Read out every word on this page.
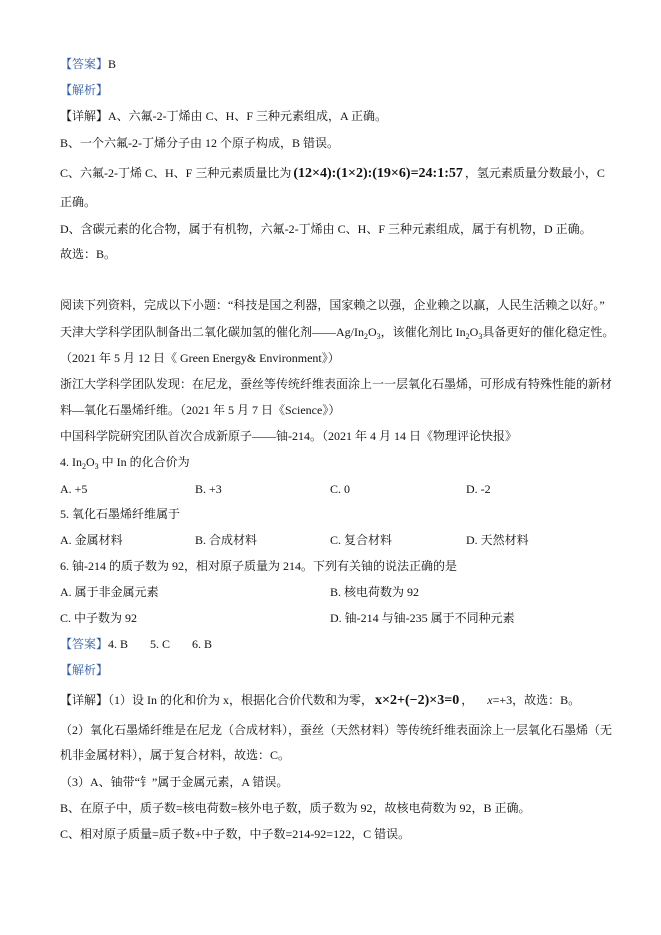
【答案】B
【解析】
【详解】A、六氟-2-丁烯由 C、H、F 三种元素组成，A 正确。
B、一个六氟-2-丁烯分子由 12 个原子构成，B 错误。
C、六氟-2-丁烯 C、H、F 三种元素质量比为 (12×4):(1×2):(19×6)=24:1:57 ，氢元素质量分数最小，C
正确。
D、含碳元素的化合物，属于有机物，六氟-2-丁烯由 C、H、F 三种元素组成，属于有机物，D 正确。
故选：B。
阅读下列资料，完成以下小题：“科技是国之利器，国家赖之以强，企业赖之以赢，人民生活赖之以好。”
天津大学科学团队制备出二氧化碳加氢的催化剂$——Ag/In_2O_3$，该催化剂比 $In_2O_3$具备更好的催化稳定性。
（2021 年 5 月 12 日《 Green Energy& Environment》）
浙江大学科学团队发现：在尼龙，蚕丝等传统纤维表面涂上一一层氧化石墨烯，可形成有特殊性能的新材
料—氧化石墨烯纤维。（2021 年 5 月 7 日《Science》）
中国科学院研究团队首次合成新原子——铀-214。（2021 年 4 月 14 日《物理评论快报》
4. $In_2O_3$ 中 In 的化合价为
A. +5	B. +3	C. 0	D. -2
5. 氧化石墨烯纤维属于
A. 金属材料	B. 合成材料	C. 复合材料	D. 天然材料
6. 铀-214 的质子数为 92，相对原子质量为 214。下列有关铀的说法正确的是
A. 属于非金属元素	B. 核电荷数为 92
C. 中子数为 92	D. 铀-214 与铀-235 属于不同种元素
【答案】4. B 5. C 6. B
【解析】
【详解】（1）设 In 的化和价为 x，根据化合价代数和为零， x×2+(−2)×3=0 ， x=+3，故选：B。
（2）氧化石墨烯纤维是在尼龙（合成材料），蚕丝（天然材料）等传统纤维表面涂上一层氧化石墨烯（无
机非金属材料），属于复合材料，故选：C。
（3）A、铀带“钅”属于金属元素，A 错误。
B、在原子中，质子数=核电荷数=核外电子数，质子数为 92，故核电荷数为 92，B 正确。
C、相对原子质量=质子数+中子数，中子数=214-92=122，C 错误。
